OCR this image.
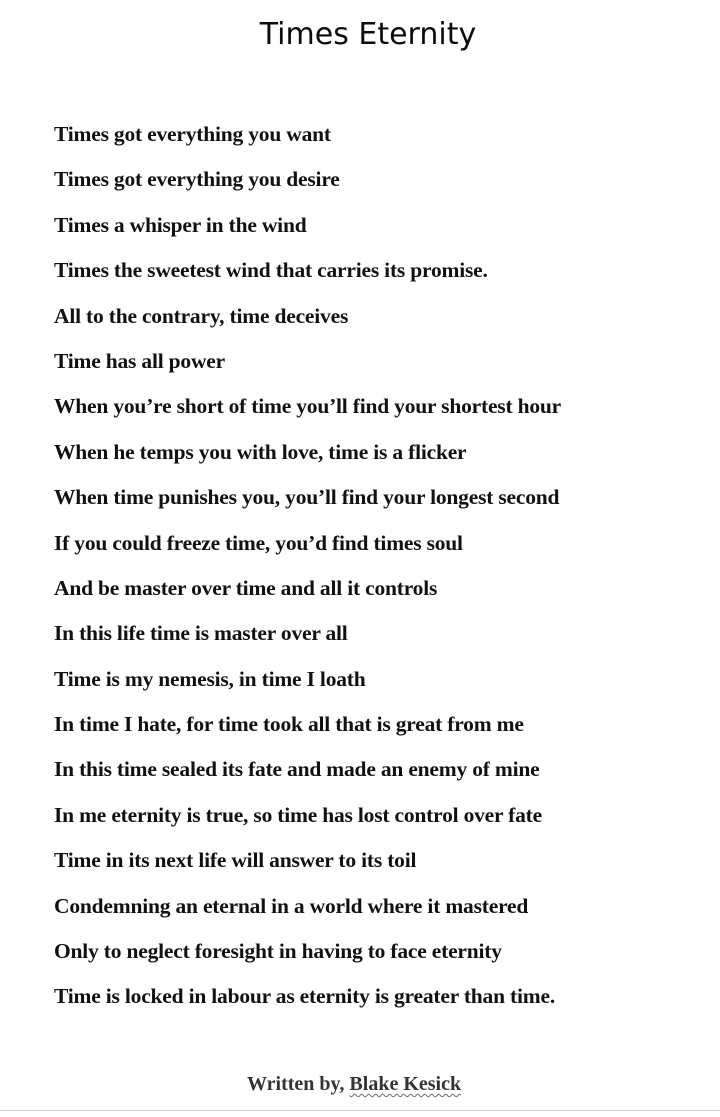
Times Eternity
Times got everything you want
Times got everything you desire
Times a whisper in the wind
Times the sweetest wind that carries its promise.
All to the contrary, time deceives
Time has all power
When you’re short of time you’ll find your shortest hour
When he temps you with love, time is a flicker
When time punishes you, you’ll find your longest second
If you could freeze time, you’d find times soul
And be master over time and all it controls
In this life time is master over all
Time is my nemesis, in time I loath
In time I hate, for time took all that is great from me
In this time sealed its fate and made an enemy of mine
In me eternity is true, so time has lost control over fate
Time in its next life will answer to its toil
Condemning an eternal in a world where it mastered
Only to neglect foresight in having to face eternity
Time is locked in labour as eternity is greater than time.
Written by, Blake Kesick
